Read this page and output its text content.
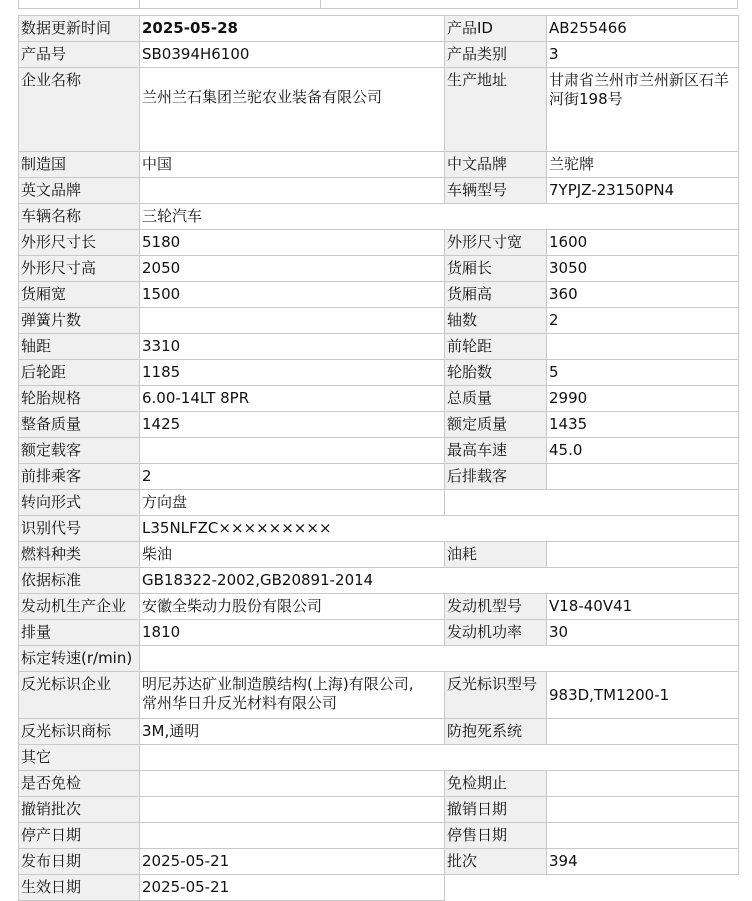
数据更新时间	2025-05-28	产品ID	AB255466
产品号	SB0394H6100	产品类别	3
企业名称	兰州兰石集团兰驼农业装备有限公司	生产地址	甘肃省兰州市兰州新区石羊河街198号
制造国	中国	中文品牌	兰驼牌
英文品牌		车辆型号	7YPJZ-23150PN4
车辆名称	三轮汽车		
外形尺寸长	5180	外形尺寸宽	1600
外形尺寸高	2050	货厢长	3050
货厢宽	1500	货厢高	360
弹簧片数		轴数	2
轴距	3310	前轮距	
后轮距	1185	轮胎数	5
轮胎规格	6.00-14LT 8PR	总质量	2990
整备质量	1425	额定质量	1435
额定载客		最高车速	45.0
前排乘客	2	后排载客	
转向形式	方向盘		
识别代号	L35NLFZC×××××××××		
燃料种类	柴油	油耗	
依据标准	GB18322-2002,GB20891-2014		
发动机生产企业	安徽全柴动力股份有限公司	发动机型号	V18-40V41
排量	1810	发动机功率	30
标定转速(r/min)			
反光标识企业	明尼苏达矿业制造膜结构(上海)有限公司,
常州华日升反光材料有限公司	反光标识型号	983D,TM1200-1
反光标识商标	3M,通明	防抱死系统	
其它			
是否免检		免检期止	
撤销批次		撤销日期	
停产日期		停售日期	
发布日期	2025-05-21	批次	394
生效日期	2025-05-21		
